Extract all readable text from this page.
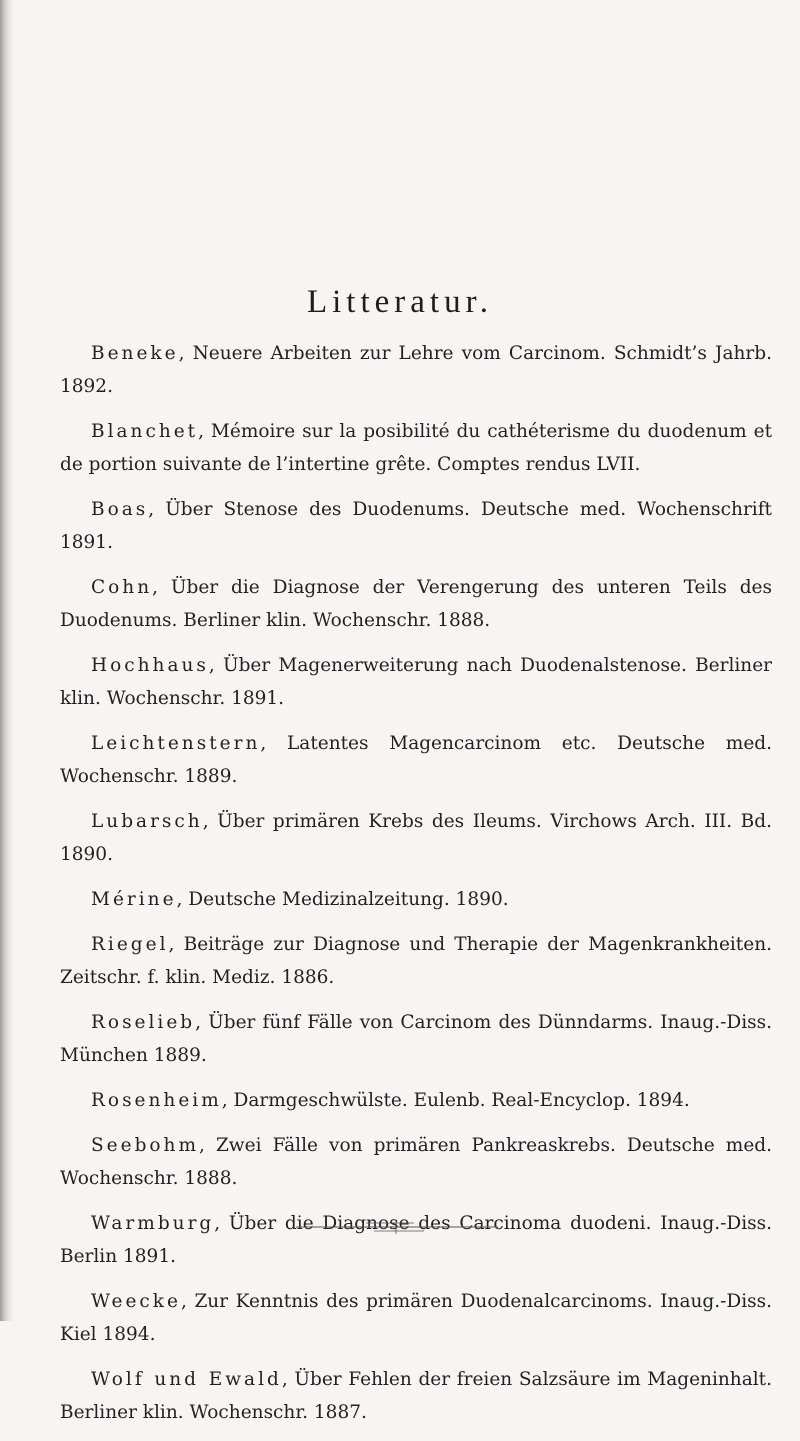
Litteratur.

Beneke, Neuere Arbeiten zur Lehre vom Carcinom. Schmidt’s Jahrb. 1892.

Blanchet, Mémoire sur la posibilité du cathéterisme du duodenum et de portion suivante de l’intertine grête. Comptes rendus LVII.

Boas, Über Stenose des Duodenums. Deutsche med. Wochenschrift 1891.

Cohn, Über die Diagnose der Verengerung des unteren Teils des Duodenums. Berliner klin. Wochenschr. 1888.

Hochhaus, Über Magenerweiterung nach Duodenalstenose. Berliner klin. Wochenschr. 1891.

Leichtenstern, Latentes Magencarcinom etc. Deutsche med. Wochenschr. 1889.

Lubarsch, Über primären Krebs des Ileums. Virchows Arch. III. Bd. 1890.

Mérine, Deutsche Medizinalzeitung. 1890.

Riegel, Beiträge zur Diagnose und Therapie der Magenkrankheiten. Zeitschr. f. klin. Mediz. 1886.

Roselieb, Über fünf Fälle von Carcinom des Dünndarms. Inaug.-Diss. München 1889.

Rosenheim, Darmgeschwülste. Eulenb. Real-Encyclop. 1894.

Seebohm, Zwei Fälle von primären Pankreaskrebs. Deutsche med. Wochenschr. 1888.

Warmburg, Über die Diagnose des Carcinoma duodeni. Inaug.-Diss. Berlin 1891.

Weecke, Zur Kenntnis des primären Duodenalcarcinoms. Inaug.-Diss. Kiel 1894.

Wolf und Ewald, Über Fehlen der freien Salzsäure im Mageninhalt. Berliner klin. Wochenschr. 1887.
